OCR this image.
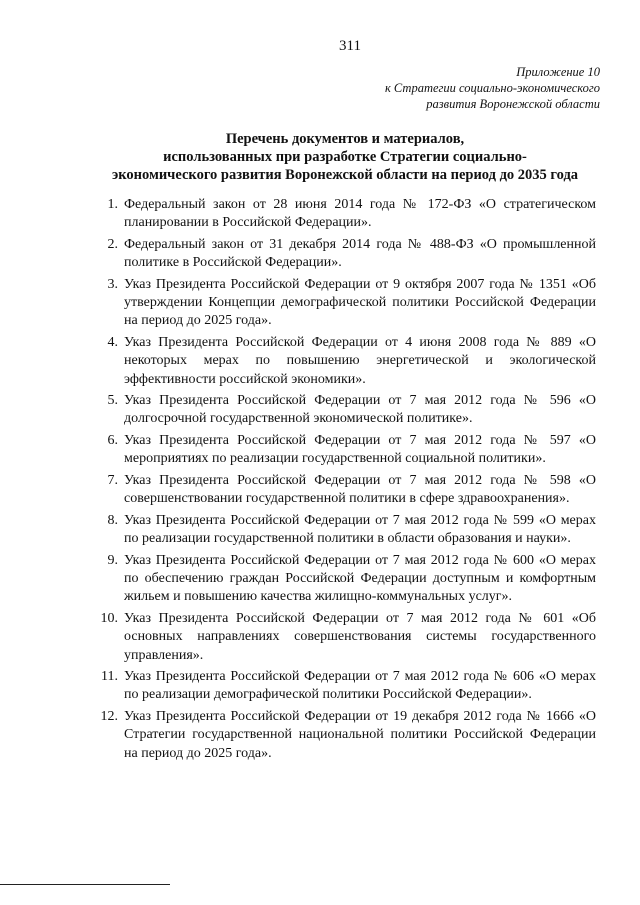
311
Приложение 10
к Стратегии социально-экономического
развития Воронежской области
Перечень документов и материалов,
использованных при разработке Стратегии социально-
экономического развития Воронежской области на период до 2035 года
1. Федеральный закон от 28 июня 2014 года № 172-ФЗ «О стратегическом планировании в Российской Федерации».
2. Федеральный закон от 31 декабря 2014 года № 488-ФЗ «О промышленной политике в Российской Федерации».
3. Указ Президента Российской Федерации от 9 октября 2007 года № 1351 «Об утверждении Концепции демографической политики Российской Федерации на период до 2025 года».
4. Указ Президента Российской Федерации от 4 июня 2008 года № 889 «О некоторых мерах по повышению энергетической и экологической эффективности российской экономики».
5. Указ Президента Российской Федерации от 7 мая 2012 года № 596 «О долгосрочной государственной экономической политике».
6. Указ Президента Российской Федерации от 7 мая 2012 года № 597 «О мероприятиях по реализации государственной социальной политики».
7. Указ Президента Российской Федерации от 7 мая 2012 года № 598 «О совершенствовании государственной политики в сфере здравоохранения».
8. Указ Президента Российской Федерации от 7 мая 2012 года № 599 «О мерах по реализации государственной политики в области образования и науки».
9. Указ Президента Российской Федерации от 7 мая 2012 года № 600 «О мерах по обеспечению граждан Российской Федерации доступным и комфортным жильем и повышению качества жилищно-коммунальных услуг».
10. Указ Президента Российской Федерации от 7 мая 2012 года № 601 «Об основных направлениях совершенствования системы государственного управления».
11. Указ Президента Российской Федерации от 7 мая 2012 года № 606 «О мерах по реализации демографической политики Российской Федерации».
12. Указ Президента Российской Федерации от 19 декабря 2012 года № 1666 «О Стратегии государственной национальной политики Российской Федерации на период до 2025 года».
